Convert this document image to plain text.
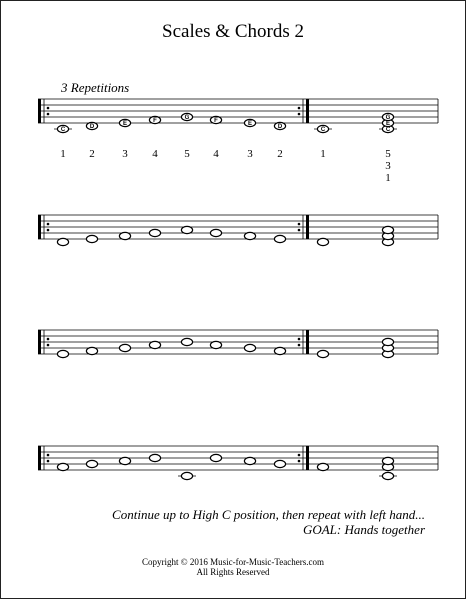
Scales & Chords 2
3 Repetitions
C	D	E	F	G	F	E	D	C	C
E
G
1 2	3 4 5 4	3 2	1	5
3
1
Continue up to High C position, then repeat with left hand...
GOAL: Hands together
Copyright © 2016 Music-for-Music-Teachers.com
All Rights Reserved
